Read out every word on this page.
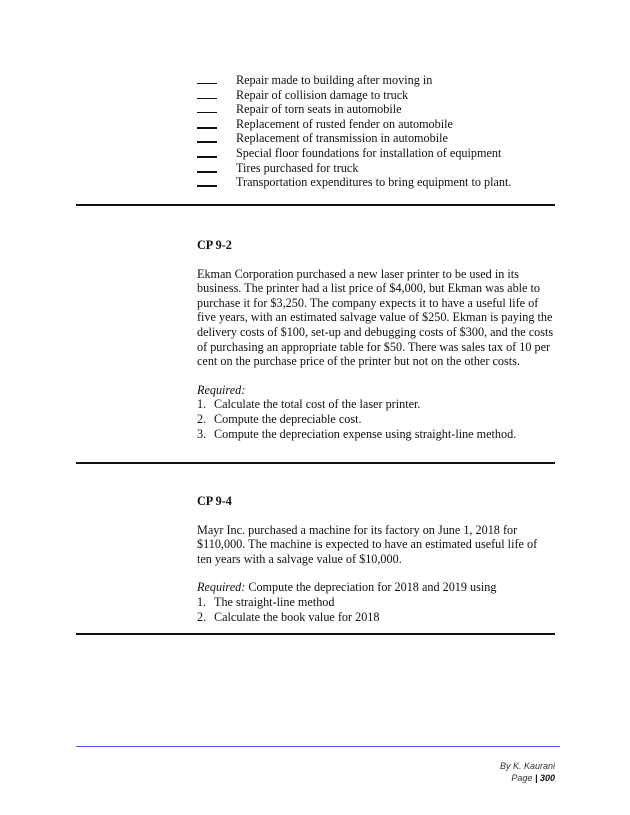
Repair made to building after moving in
Repair of collision damage to truck
Repair of torn seats in automobile
Replacement of rusted fender on automobile
Replacement of transmission in automobile
Special floor foundations for installation of equipment
Tires purchased for truck
Transportation expenditures to bring equipment to plant.

CP 9-2

Ekman Corporation purchased a new laser printer to be used in its business. The printer had a list price of $4,000, but Ekman was able to purchase it for $3,250. The company expects it to have a useful life of five years, with an estimated salvage value of $250. Ekman is paying the delivery costs of $100, set-up and debugging costs of $300, and the costs of purchasing an appropriate table for $50. There was sales tax of 10 per cent on the purchase price of the printer but not on the other costs.

Required:

1. Calculate the total cost of the laser printer.
2. Compute the depreciable cost.
3. Compute the depreciation expense using straight-line method.

CP 9-4

Mayr Inc. purchased a machine for its factory on June 1, 2018 for $110,000. The machine is expected to have an estimated useful life of ten years with a salvage value of $10,000.

Required: Compute the depreciation for 2018 and 2019 using

1. The straight-line method
2. Calculate the book value for 2018
By K. Kaurani
Page | 300
